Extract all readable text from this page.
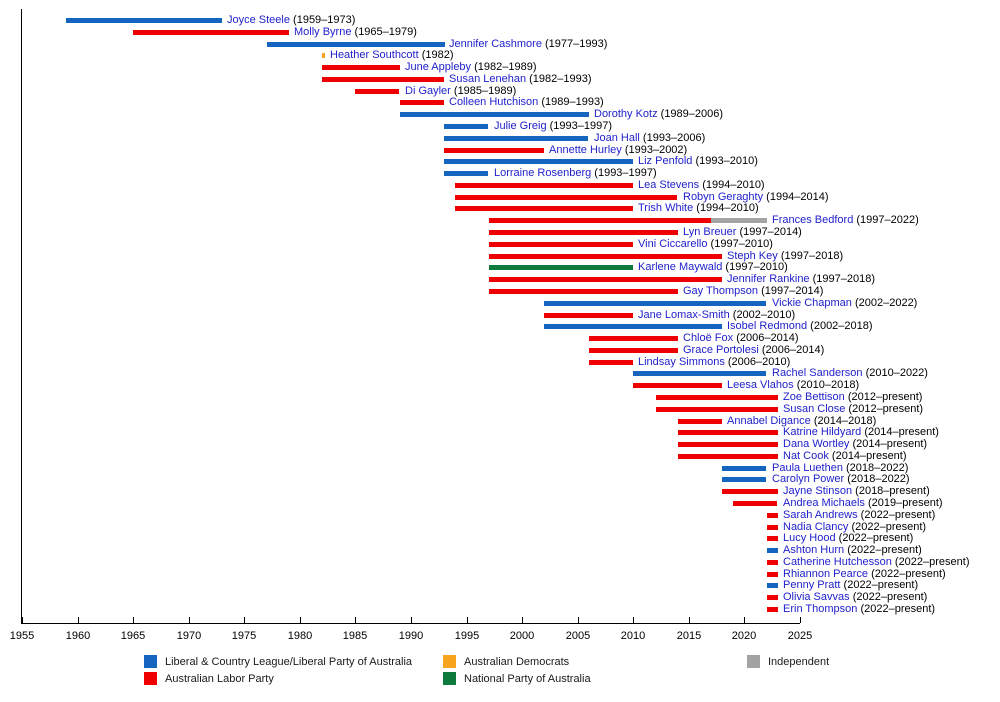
Joyce Steele (1959–1973)
Molly Byrne (1965–1979)
Jennifer Cashmore (1977–1993)
Heather Southcott (1982)
June Appleby (1982–1989)
Susan Lenehan (1982–1993)
Di Gayler (1985–1989)
Colleen Hutchison (1989–1993)
Dorothy Kotz (1989–2006)
Julie Greig (1993–1997)
Joan Hall (1993–2006)
Annette Hurley (1993–2002)
Liz Penfold (1993–2010)
Lorraine Rosenberg (1993–1997)
Lea Stevens (1994–2010)
Robyn Geraghty (1994–2014)
Trish White (1994–2010)
Frances Bedford (1997–2022)
Lyn Breuer (1997–2014)
Vini Ciccarello (1997–2010)
Steph Key (1997–2018)
Karlene Maywald (1997–2010)
Jennifer Rankine (1997–2018)
Gay Thompson (1997–2014)
Vickie Chapman (2002–2022)
Jane Lomax-Smith (2002–2010)
Isobel Redmond (2002–2018)
Chloë Fox (2006–2014)
Grace Portolesi (2006–2014)
Lindsay Simmons (2006–2010)
Rachel Sanderson (2010–2022)
Leesa Vlahos (2010–2018)
Zoe Bettison (2012–present)
Susan Close (2012–present)
Annabel Digance (2014–2018)
Katrine Hildyard (2014–present)
Dana Wortley (2014–present)
Nat Cook (2014–present)
Paula Luethen (2018–2022)
Carolyn Power (2018–2022)
Jayne Stinson (2018–present)
Andrea Michaels (2019–present)
Sarah Andrews (2022–present)
Nadia Clancy (2022–present)
Lucy Hood (2022–present)
Ashton Hurn (2022–present)
Catherine Hutchesson (2022–present)
Rhiannon Pearce (2022–present)
Penny Pratt (2022–present)
Olivia Savvas (2022–present)
Erin Thompson (2022–present)
1955	1960	1965	1970	1975	1980	1985	1990	1995	2000	2005	2010	2015	2020	2025
Liberal & Country League/Liberal Party of Australia
Australian Labor Party
Australian Democrats
National Party of Australia
Independent
